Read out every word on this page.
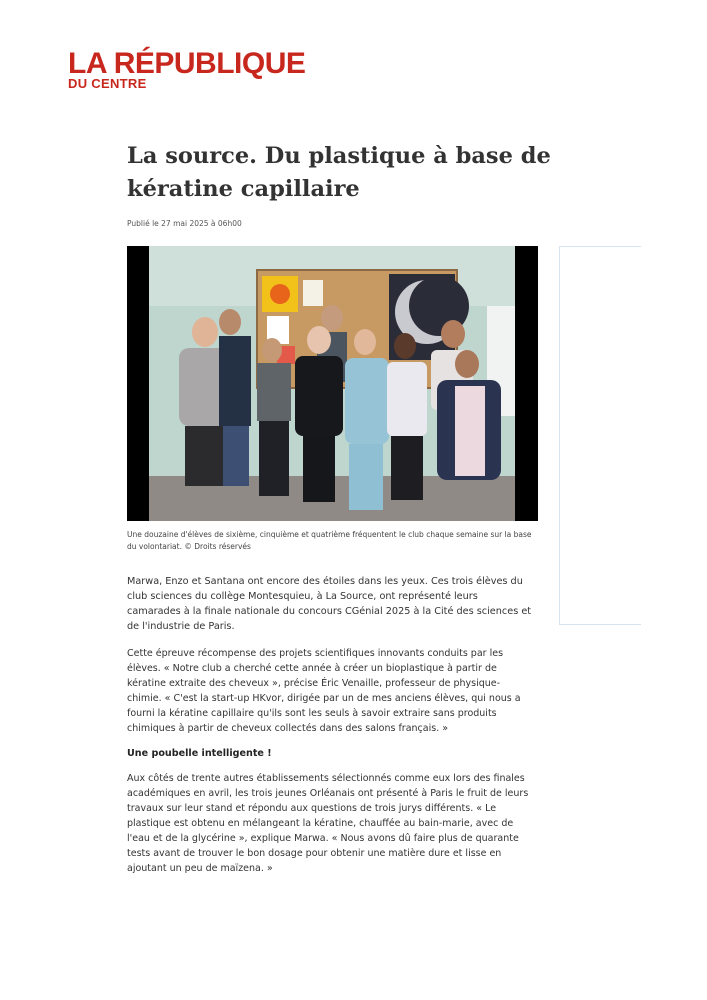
LA RÉPUBLIQUE
DU CENTRE
La source. Du plastique à base de kératine capillaire
Publié le 27 mai 2025 à 06h00
Une douzaine d'élèves de sixième, cinquième et quatrième fréquentent le club chaque semaine sur la base du volontariat. © Droits réservés

Marwa, Enzo et Santana ont encore des étoiles dans les yeux. Ces trois élèves du club sciences du collège Montesquieu, à La Source, ont représenté leurs camarades à la finale nationale du concours CGénial 2025 à la Cité des sciences et de l'industrie de Paris.

Cette épreuve récompense des projets scientifiques innovants conduits par les élèves. « Notre club a cherché cette année à créer un bioplastique à partir de kératine extraite des cheveux », précise Éric Venaille, professeur de physique-chimie. « C'est la start-up HKvor, dirigée par un de mes anciens élèves, qui nous a fourni la kératine capillaire qu'ils sont les seuls à savoir extraire sans produits chimiques à partir de cheveux collectés dans des salons français. »

Une poubelle intelligente !

Aux côtés de trente autres établissements sélectionnés comme eux lors des finales académiques en avril, les trois jeunes Orléanais ont présenté à Paris le fruit de leurs travaux sur leur stand et répondu aux questions de trois jurys différents. « Le plastique est obtenu en mélangeant la kératine, chauffée au bain-marie, avec de l'eau et de la glycérine », explique Marwa. « Nous avons dû faire plus de quarante tests avant de trouver le bon dosage pour obtenir une matière dure et lisse en ajoutant un peu de maïzena. »
